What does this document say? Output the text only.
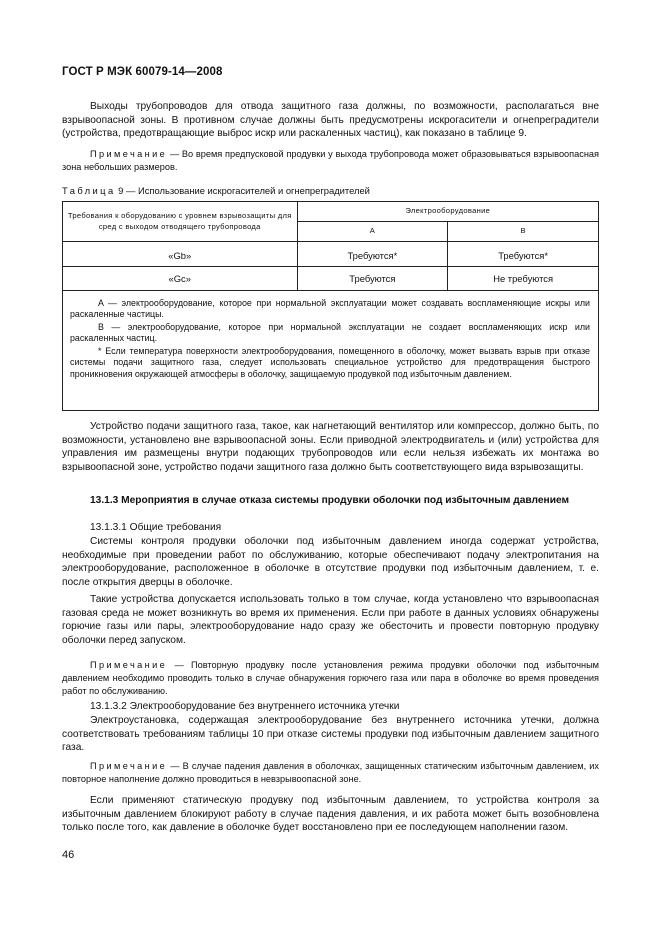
ГОСТ Р МЭК 60079-14—2008
Выходы трубопроводов для отвода защитного газа должны, по возможности, располагаться вне взрывоопасной зоны. В противном случае должны быть предусмотрены искрогасители и огнепреградители (устройства, предотвращающие выброс искр или раскаленных частиц), как показано в таблице 9.
Примечание — Во время предпусковой продувки у выхода трубопровода может образовываться взрывоопасная зона небольших размеров.
Таблица 9 — Использование искрогасителей и огнепреградителей
Требования к оборудованию с уровнем взрывозащиты для сред с выходом отводящего трубопровода	Электрооборудование	
	A	B

«Gb»	Требуются*	Требуются*
«Gc»	Требуются	Не требуются
A — электрооборудование, которое при нормальной эксплуатации может создавать воспламеняющие искры или раскаленные частицы.
B — электрооборудование, которое при нормальной эксплуатации не создает воспламеняющих искр или раскаленных частиц.
* Если температура поверхности электрооборудования, помещенного в оболочку, может вызвать взрыв при отказе системы подачи защитного газа, следует использовать специальное устройство для предотвращения быстрого проникновения окружающей атмосферы в оболочку, защищаемую продувкой под избыточным давлением.
Устройство подачи защитного газа, такое, как нагнетающий вентилятор или компрессор, должно быть, по возможности, установлено вне взрывоопасной зоны. Если приводной электродвигатель и (или) устройства для управления им размещены внутри подающих трубопроводов или если нельзя избежать их монтажа во взрывоопасной зоне, устройство подачи защитного газа должно быть соответствующего вида взрывозащиты.
13.1.3 Мероприятия в случае отказа системы продувки оболочки под избыточным давлением
13.1.3.1 Общие требования
Системы контроля продувки оболочки под избыточным давлением иногда содержат устройства, необходимые при проведении работ по обслуживанию, которые обеспечивают подачу электропитания на электрооборудование, расположенное в оболочке в отсутствие продувки под избыточным давлением, т. е. после открытия дверцы в оболочке.
Такие устройства допускается использовать только в том случае, когда установлено что взрывоопасная газовая среда не может возникнуть во время их применения. Если при работе в данных условиях обнаружены горючие газы или пары, электрооборудование надо сразу же обесточить и провести повторную продувку оболочки перед запуском.
Примечание — Повторную продувку после установления режима продувки оболочки под избыточным давлением необходимо проводить только в случае обнаружения горючего газа или пара в оболочке во время проведения работ по обслуживанию.
13.1.3.2 Электрооборудование без внутреннего источника утечки
Электроустановка, содержащая электрооборудование без внутреннего источника утечки, должна соответствовать требованиям таблицы 10 при отказе системы продувки под избыточным давлением защитного газа.
Примечание — В случае падения давления в оболочках, защищенных статическим избыточным давлением, их повторное наполнение должно проводиться в невзрывоопасной зоне.
Если применяют статическую продувку под избыточным давлением, то устройства контроля за избыточным давлением блокируют работу в случае падения давления, и их работа может быть возобновлена только после того, как давление в оболочке будет восстановлено при ее последующем наполнении газом.
46
